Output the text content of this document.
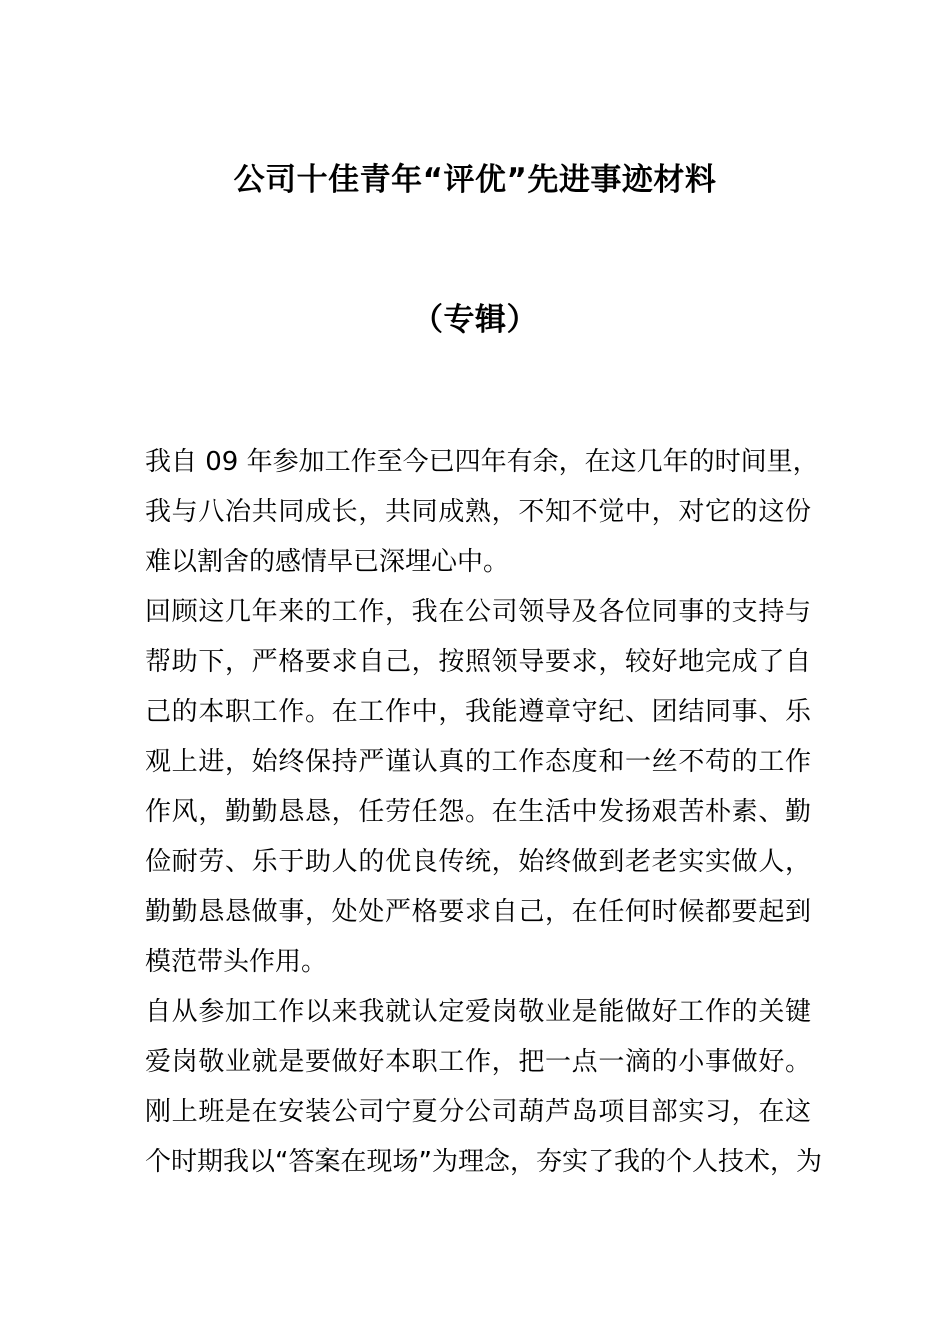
公司十佳青年“评优”先进事迹材料
（专辑）
我自 09 年参加工作至今已四年有余，在这几年的时间里，
我与八冶共同成长，共同成熟，不知不觉中，对它的这份
难以割舍的感情早已深埋心中。
回顾这几年来的工作，我在公司领导及各位同事的支持与
帮助下，严格要求自己，按照领导要求，较好地完成了自
己的本职工作。在工作中，我能遵章守纪、团结同事、乐
观上进，始终保持严谨认真的工作态度和一丝不苟的工作
作风，勤勤恳恳，任劳任怨。在生活中发扬艰苦朴素、勤
俭耐劳、乐于助人的优良传统，始终做到老老实实做人，
勤勤恳恳做事，处处严格要求自己，在任何时候都要起到
模范带头作用。
自从参加工作以来我就认定爱岗敬业是能做好工作的关键
爱岗敬业就是要做好本职工作，把一点一滴的小事做好。
刚上班是在安装公司宁夏分公司葫芦岛项目部实习，在这
个时期我以“答案在现场”为理念，夯实了我的个人技术，为
